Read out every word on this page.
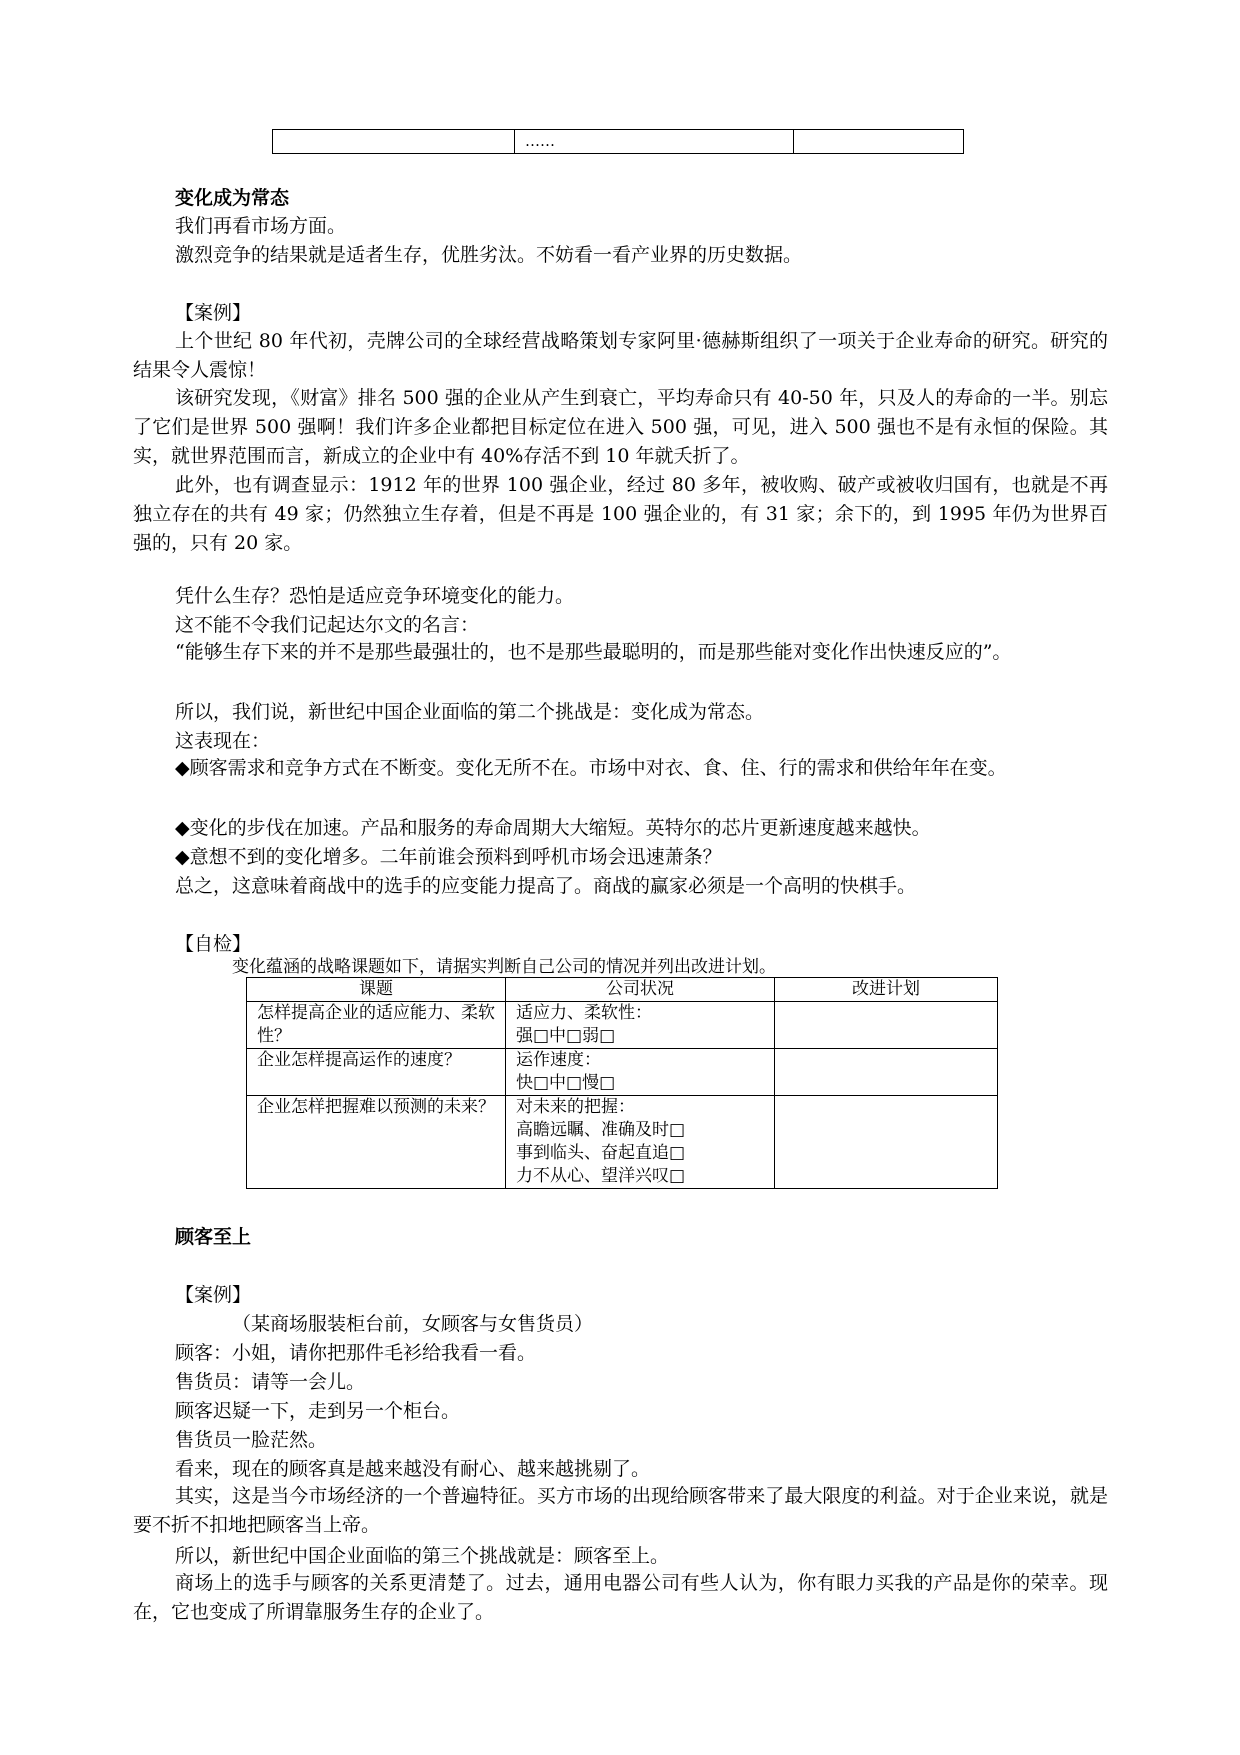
	……	
变化成为常态
我们再看市场方面。
激烈竞争的结果就是适者生存，优胜劣汰。不妨看一看产业界的历史数据。
【案例】

上个世纪 80 年代初，壳牌公司的全球经营战略策划专家阿里·德赫斯组织了一项关于企业寿命的研究。研究的结果令人震惊！

该研究发现，《财富》排名 500 强的企业从产生到衰亡，平均寿命只有 40-50 年，只及人的寿命的一半。别忘了它们是世界 500 强啊！我们许多企业都把目标定位在进入 500 强，可见，进入 500 强也不是有永恒的保险。其实，就世界范围而言，新成立的企业中有 40%存活不到 10 年就夭折了。

此外，也有调查显示：1912 年的世界 100 强企业，经过 80 多年，被收购、破产或被收归国有，也就是不再独立存在的共有 49 家；仍然独立生存着，但是不再是 100 强企业的，有 31 家；余下的，到 1995 年仍为世界百强的，只有 20 家。

凭什么生存？恐怕是适应竞争环境变化的能力。
这不能不令我们记起达尔文的名言：

“能够生存下来的并不是那些最强壮的，也不是那些最聪明的，而是那些能对变化作出快速反应的”。

所以，我们说，新世纪中国企业面临的第二个挑战是：变化成为常态。
这表现在：

◆顾客需求和竞争方式在不断变。变化无所不在。市场中对衣、食、住、行的需求和供给年年在变。

◆变化的步伐在加速。产品和服务的寿命周期大大缩短。英特尔的芯片更新速度越来越快。
◆意想不到的变化增多。二年前谁会预料到呼机市场会迅速萧条？
总之，这意味着商战中的选手的应变能力提高了。商战的赢家必须是一个高明的快棋手。
【自检】
变化蕴涵的战略课题如下，请据实判断自己公司的情况并列出改进计划。
课题	公司状况	改进计划
怎样提高企业的适应能力、柔软性？	适应力、柔软性：
强□中□弱□	

企业怎样提高运作的速度？	运作速度：
快□中□慢□	

企业怎样把握难以预测的未来？	对未来的把握：
高瞻远瞩、准确及时□
事到临头、奋起直追□
力不从心、望洋兴叹□	

顾客至上
【案例】
（某商场服装柜台前，女顾客与女售货员）
顾客：小姐，请你把那件毛衫给我看一看。
售货员：请等一会儿。
顾客迟疑一下，走到另一个柜台。
售货员一脸茫然。
看来，现在的顾客真是越来越没有耐心、越来越挑剔了。

其实，这是当今市场经济的一个普遍特征。买方市场的出现给顾客带来了最大限度的利益。对于企业来说，就是要不折不扣地把顾客当上帝。

所以，新世纪中国企业面临的第三个挑战就是：顾客至上。

商场上的选手与顾客的关系更清楚了。过去，通用电器公司有些人认为，你有眼力买我的产品是你的荣幸。现在，它也变成了所谓靠服务生存的企业了。
